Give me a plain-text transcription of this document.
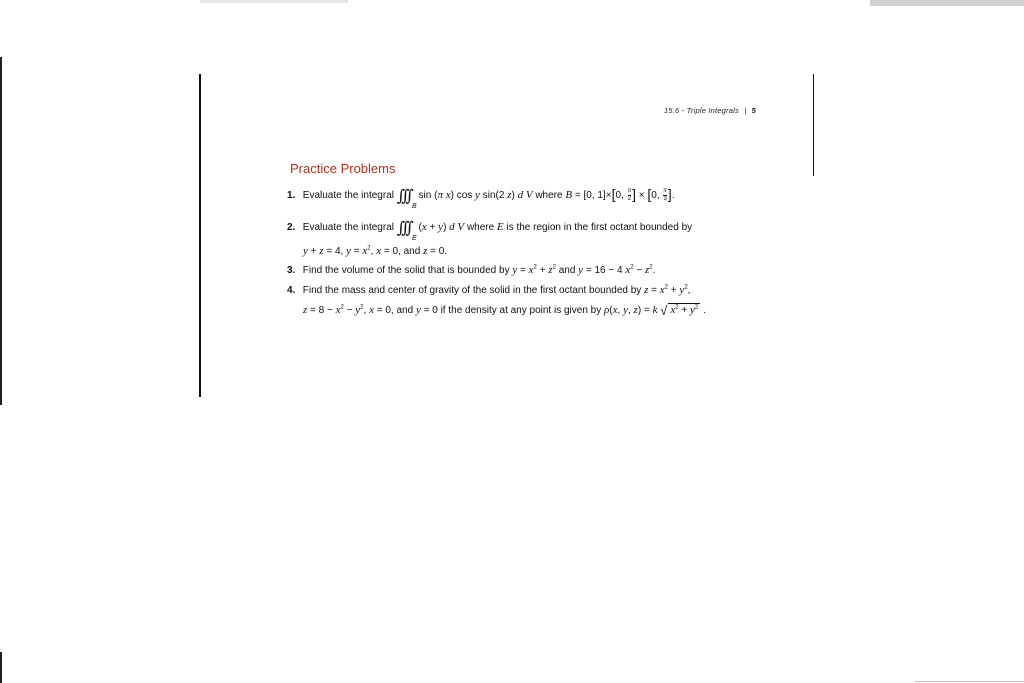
15.6 - Triple Integrals | 5
Practice Problems
1. Evaluate the integral ∫∫∫
B
sin (π x) cos y sin(2 z) d V where B = [0, 1]×[0, $\frac{\pi}{2}$ ] × [0, $\frac{\pi}{3}$ ].
2. Evaluate the integral ∫∫∫
E
(x + y) d V where E is the region in the first octant bounded by
y + z = 4, $y = x^2$, x = 0, and z = 0.
3. Find the volume of the solid that is bounded by $y = x^2 + z^2$ and y = 16 − 4 $x^2 - z^2$.
4. Find the mass and center of gravity of the solid in the first octant bounded by $z = x^2 + y^2$,
$z = 8 - x^2 - y^2$, x = 0, and y = 0 if the density at any point is given by ρ(x, y, z) = k √ $x^2 + y^2$ .
